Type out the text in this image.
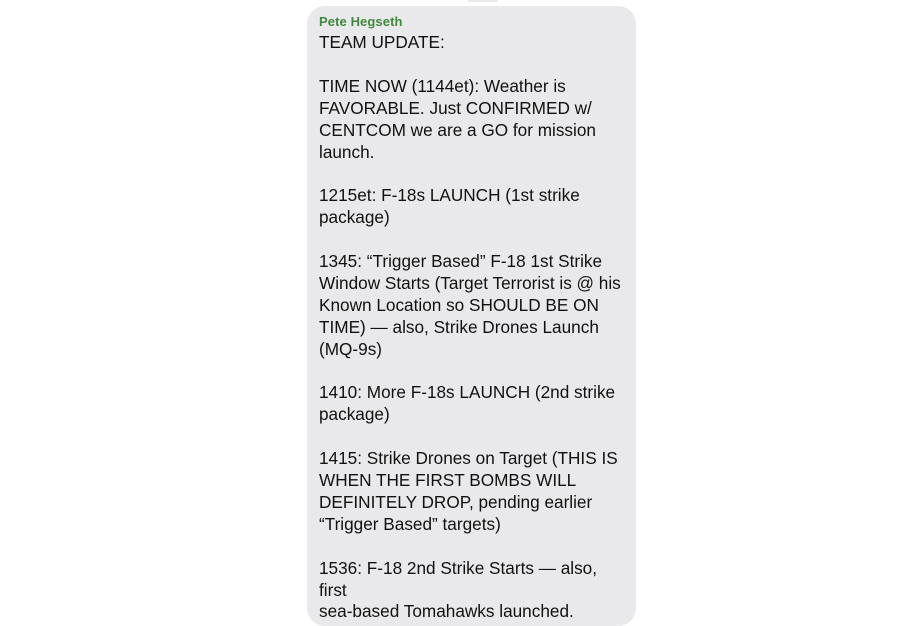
Pete Hegseth

TEAM UPDATE:

TIME NOW (1144et): Weather is
FAVORABLE. Just CONFIRMED w/
CENTCOM we are a GO for mission
launch.

1215et: F-18s LAUNCH (1st strike
package)

1345: “Trigger Based” F-18 1st Strike
Window Starts (Target Terrorist is @ his
Known Location so SHOULD BE ON
TIME) — also, Strike Drones Launch
(MQ-9s)

1410: More F-18s LAUNCH (2nd strike
package)

1415: Strike Drones on Target (THIS IS
WHEN THE FIRST BOMBS WILL
DEFINITELY DROP, pending earlier
“Trigger Based” targets)

1536: F-18 2nd Strike Starts — also, first
sea-based Tomahawks launched.
